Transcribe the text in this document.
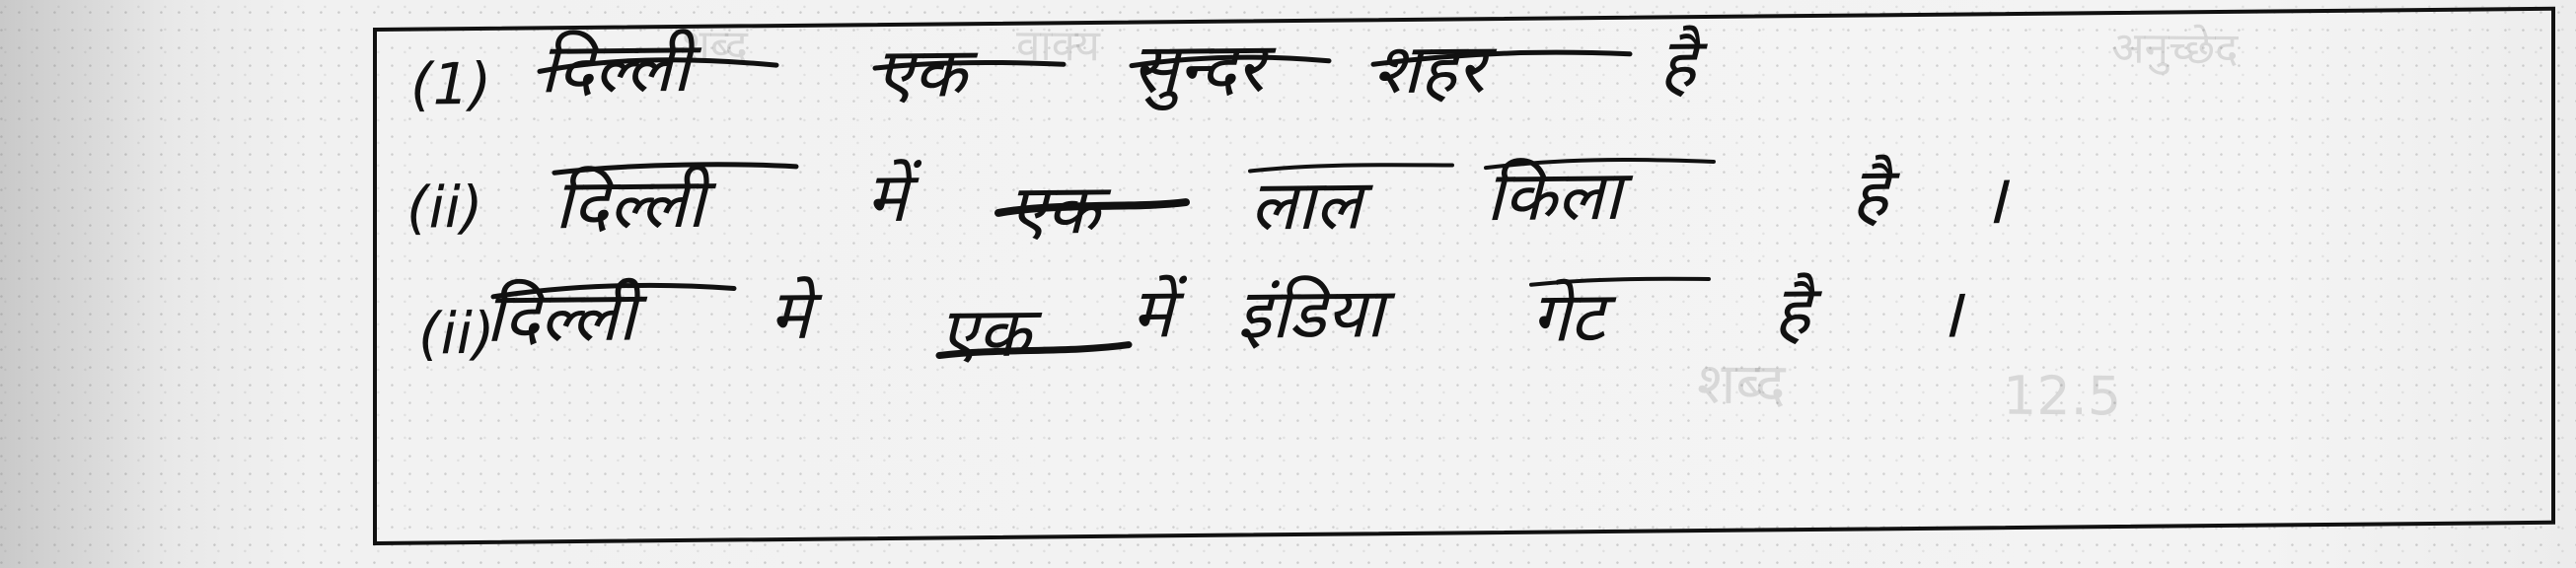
शब्द	वाक्य	अनुच्छेद
शब्द	12.5
(1) दिल्ली	एक सुन्दर शहर	है
(ii) दिल्ली में एक लाल किला	है ।
(ii)
दिल्ली मे एक में इंडिया गेट है ।
